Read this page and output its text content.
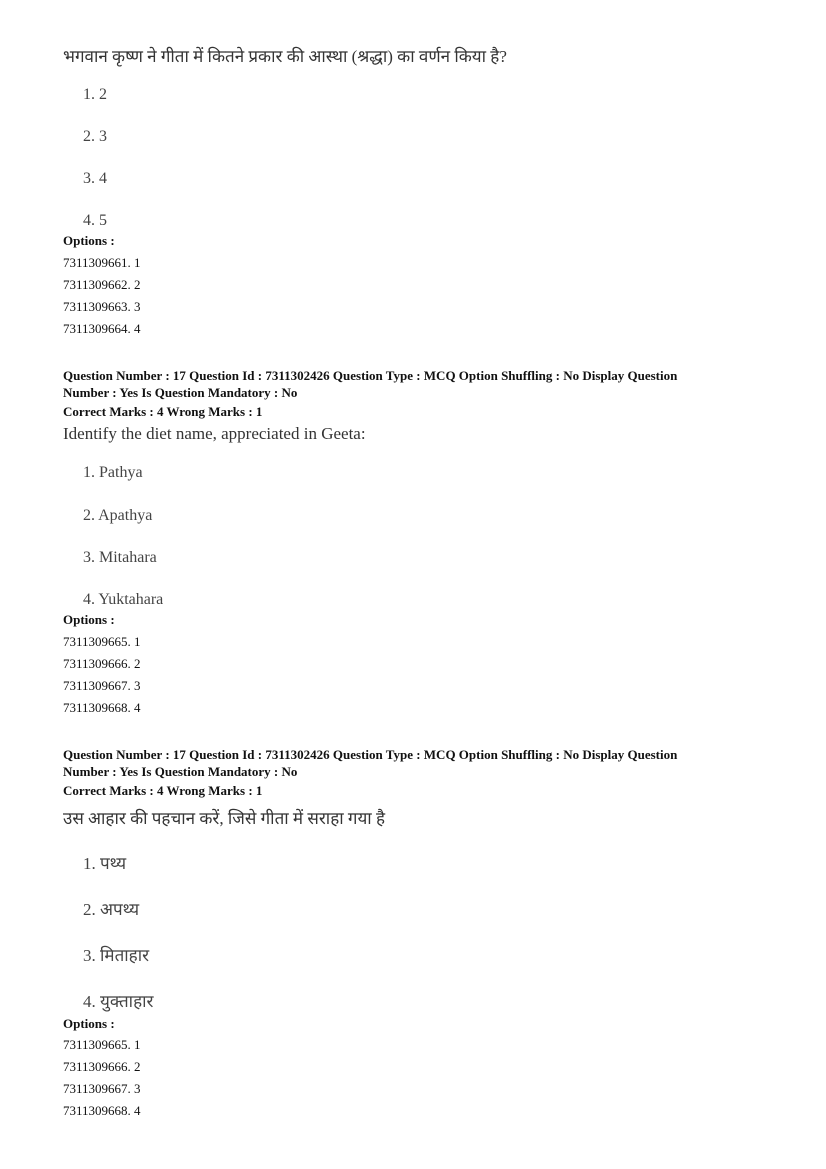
भगवान कृष्ण ने गीता में कितने प्रकार की आस्था (श्रद्धा) का वर्णन किया है?
1. 2
2. 3
3. 4
4. 5
Options :
7311309661. 1
7311309662. 2
7311309663. 3
7311309664. 4
Question Number : 17 Question Id : 7311302426 Question Type : MCQ Option Shuffling : No Display Question
Number : Yes Is Question Mandatory : No
Correct Marks : 4 Wrong Marks : 1
Identify the diet name, appreciated in Geeta:
1. Pathya
2. Apathya
3. Mitahara
4. Yuktahara
Options :
7311309665. 1
7311309666. 2
7311309667. 3
7311309668. 4
Question Number : 17 Question Id : 7311302426 Question Type : MCQ Option Shuffling : No Display Question
Number : Yes Is Question Mandatory : No
Correct Marks : 4 Wrong Marks : 1
उस आहार की पहचान करें, जिसे गीता में सराहा गया है
1. पथ्य
2. अपथ्य
3. मिताहार
4. युक्ताहार
Options :
7311309665. 1
7311309666. 2
7311309667. 3
7311309668. 4
